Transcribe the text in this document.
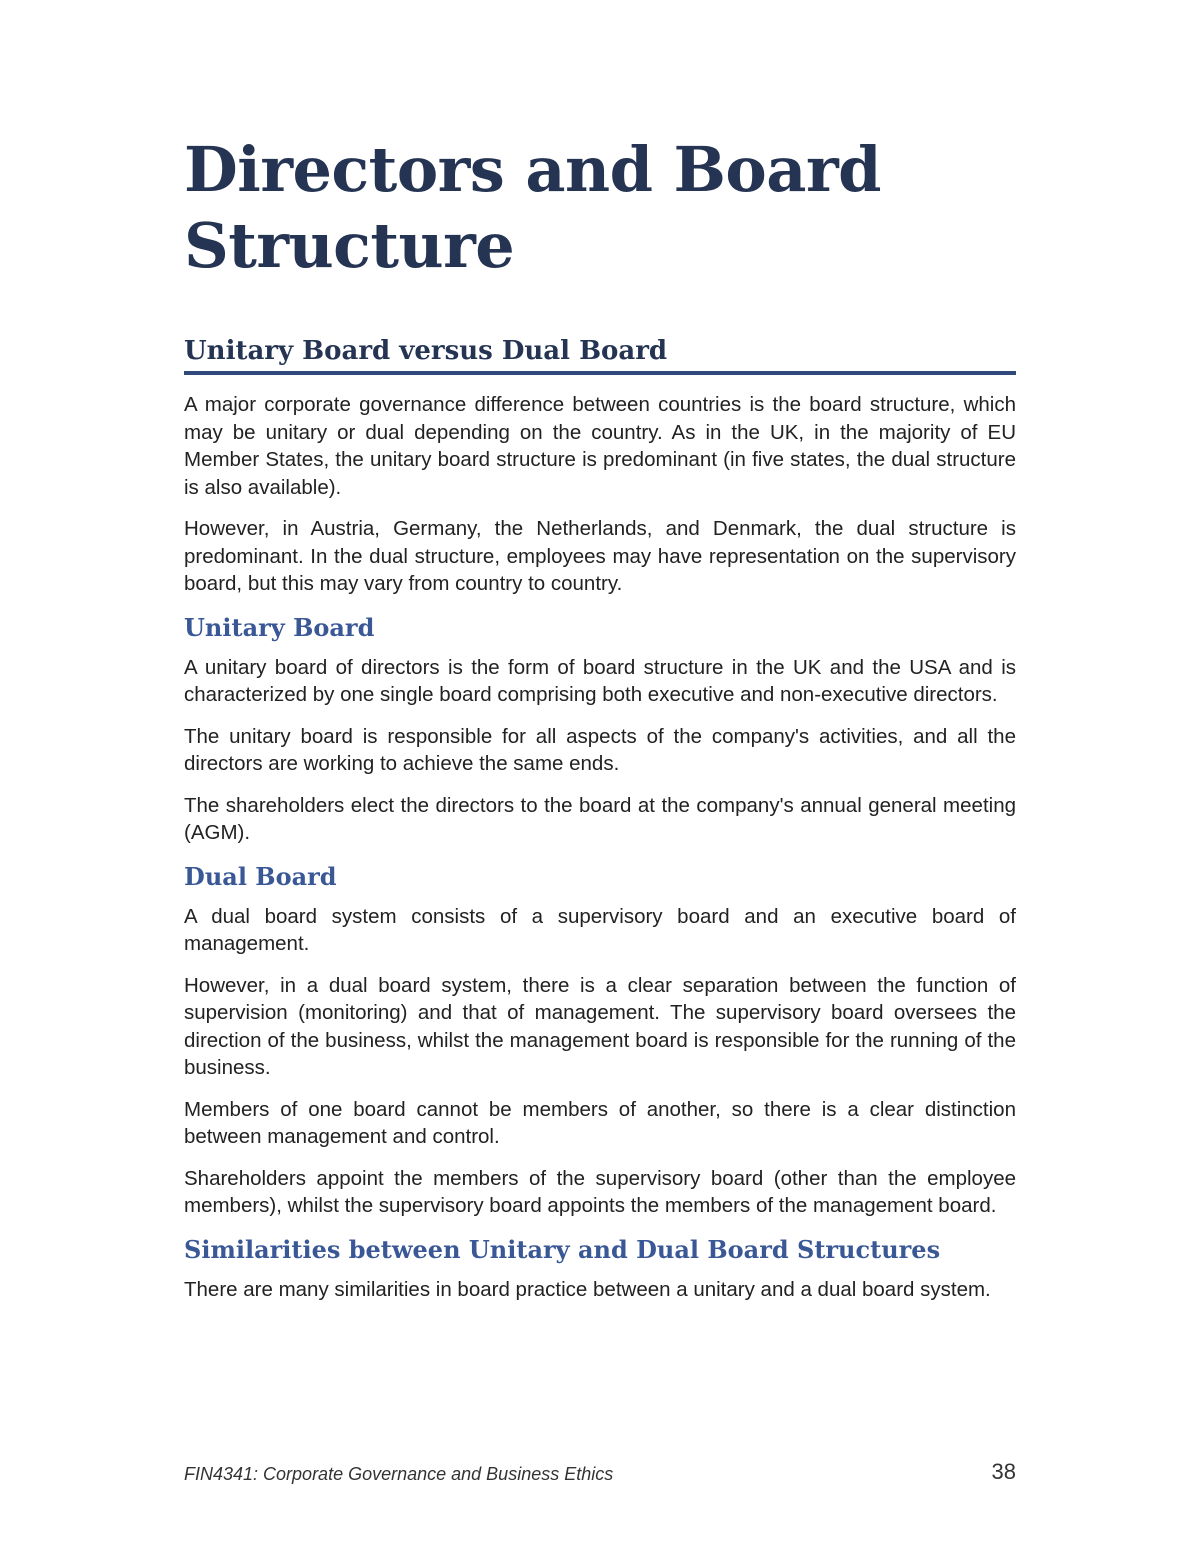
Directors and Board Structure
Unitary Board versus Dual Board

A major corporate governance difference between countries is the board structure, which may be unitary or dual depending on the country. As in the UK, in the majority of EU Member States, the unitary board structure is predominant (in five states, the dual structure is also available).

However, in Austria, Germany, the Netherlands, and Denmark, the dual structure is predominant. In the dual structure, employees may have representation on the supervisory board, but this may vary from country to country.

Unitary Board

A unitary board of directors is the form of board structure in the UK and the USA and is characterized by one single board comprising both executive and non-executive directors.

The unitary board is responsible for all aspects of the company's activities, and all the directors are working to achieve the same ends.

The shareholders elect the directors to the board at the company's annual general meeting (AGM).

Dual Board

A dual board system consists of a supervisory board and an executive board of management.

However, in a dual board system, there is a clear separation between the function of supervision (monitoring) and that of management. The supervisory board oversees the direction of the business, whilst the management board is responsible for the running of the business.

Members of one board cannot be members of another, so there is a clear distinction between management and control.

Shareholders appoint the members of the supervisory board (other than the employee members), whilst the supervisory board appoints the members of the management board.

Similarities between Unitary and Dual Board Structures

There are many similarities in board practice between a unitary and a dual board system.

FIN4341: Corporate Governance and Business Ethics	38
